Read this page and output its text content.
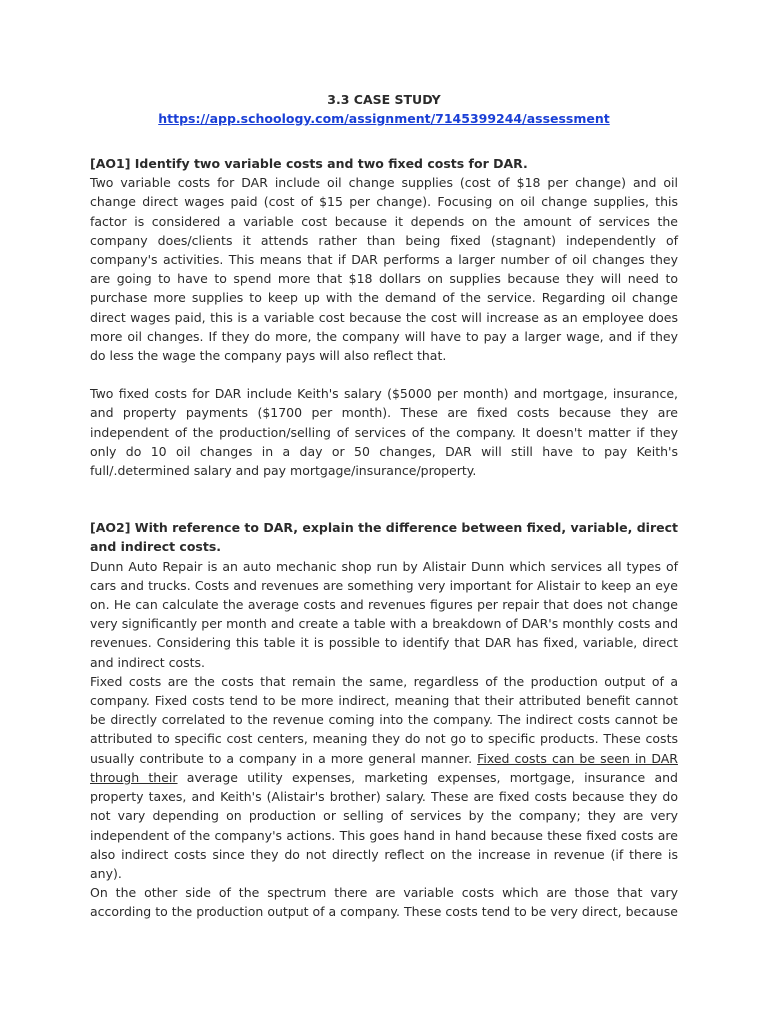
3.3 CASE STUDY
https://app.schoology.com/assignment/7145399244/assessment

[AO1] Identify two variable costs and two fixed costs for DAR.

Two variable costs for DAR include oil change supplies (cost of $18 per change) and oil change direct wages paid (cost of $15 per change). Focusing on oil change supplies, this factor is considered a variable cost because it depends on the amount of services the company does/clients it attends rather than being fixed (stagnant) independently of company's activities. This means that if DAR performs a larger number of oil changes they are going to have to spend more that $18 dollars on supplies because they will need to purchase more supplies to keep up with the demand of the service. Regarding oil change direct wages paid, this is a variable cost because the cost will increase as an employee does more oil changes. If they do more, the company will have to pay a larger wage, and if they do less the wage the company pays will also reflect that.

Two fixed costs for DAR include Keith's salary ($5000 per month) and mortgage, insurance, and property payments ($1700 per month). These are fixed costs because they are independent of the production/selling of services of the company. It doesn't matter if they only do 10 oil changes in a day or 50 changes, DAR will still have to pay Keith's full/.determined salary and pay mortgage/insurance/property.

[AO2] With reference to DAR, explain the difference between fixed, variable, direct and indirect costs.

Dunn Auto Repair is an auto mechanic shop run by Alistair Dunn which services all types of cars and trucks. Costs and revenues are something very important for Alistair to keep an eye on. He can calculate the average costs and revenues figures per repair that does not change very significantly per month and create a table with a breakdown of DAR's monthly costs and revenues. Considering this table it is possible to identify that DAR has fixed, variable, direct and indirect costs.

Fixed costs are the costs that remain the same, regardless of the production output of a company. Fixed costs tend to be more indirect, meaning that their attributed benefit cannot be directly correlated to the revenue coming into the company. The indirect costs cannot be attributed to specific cost centers, meaning they do not go to specific products. These costs usually contribute to a company in a more general manner. Fixed costs can be seen in DAR through their average utility expenses, marketing expenses, mortgage, insurance and property taxes, and Keith's (Alistair's brother) salary. These are fixed costs because they do not vary depending on production or selling of services by the company; they are very independent of the company's actions. This goes hand in hand because these fixed costs are also indirect costs since they do not directly reflect on the increase in revenue (if there is any).

On the other side of the spectrum there are variable costs which are those that vary according to the production output of a company. These costs tend to be very direct, because
